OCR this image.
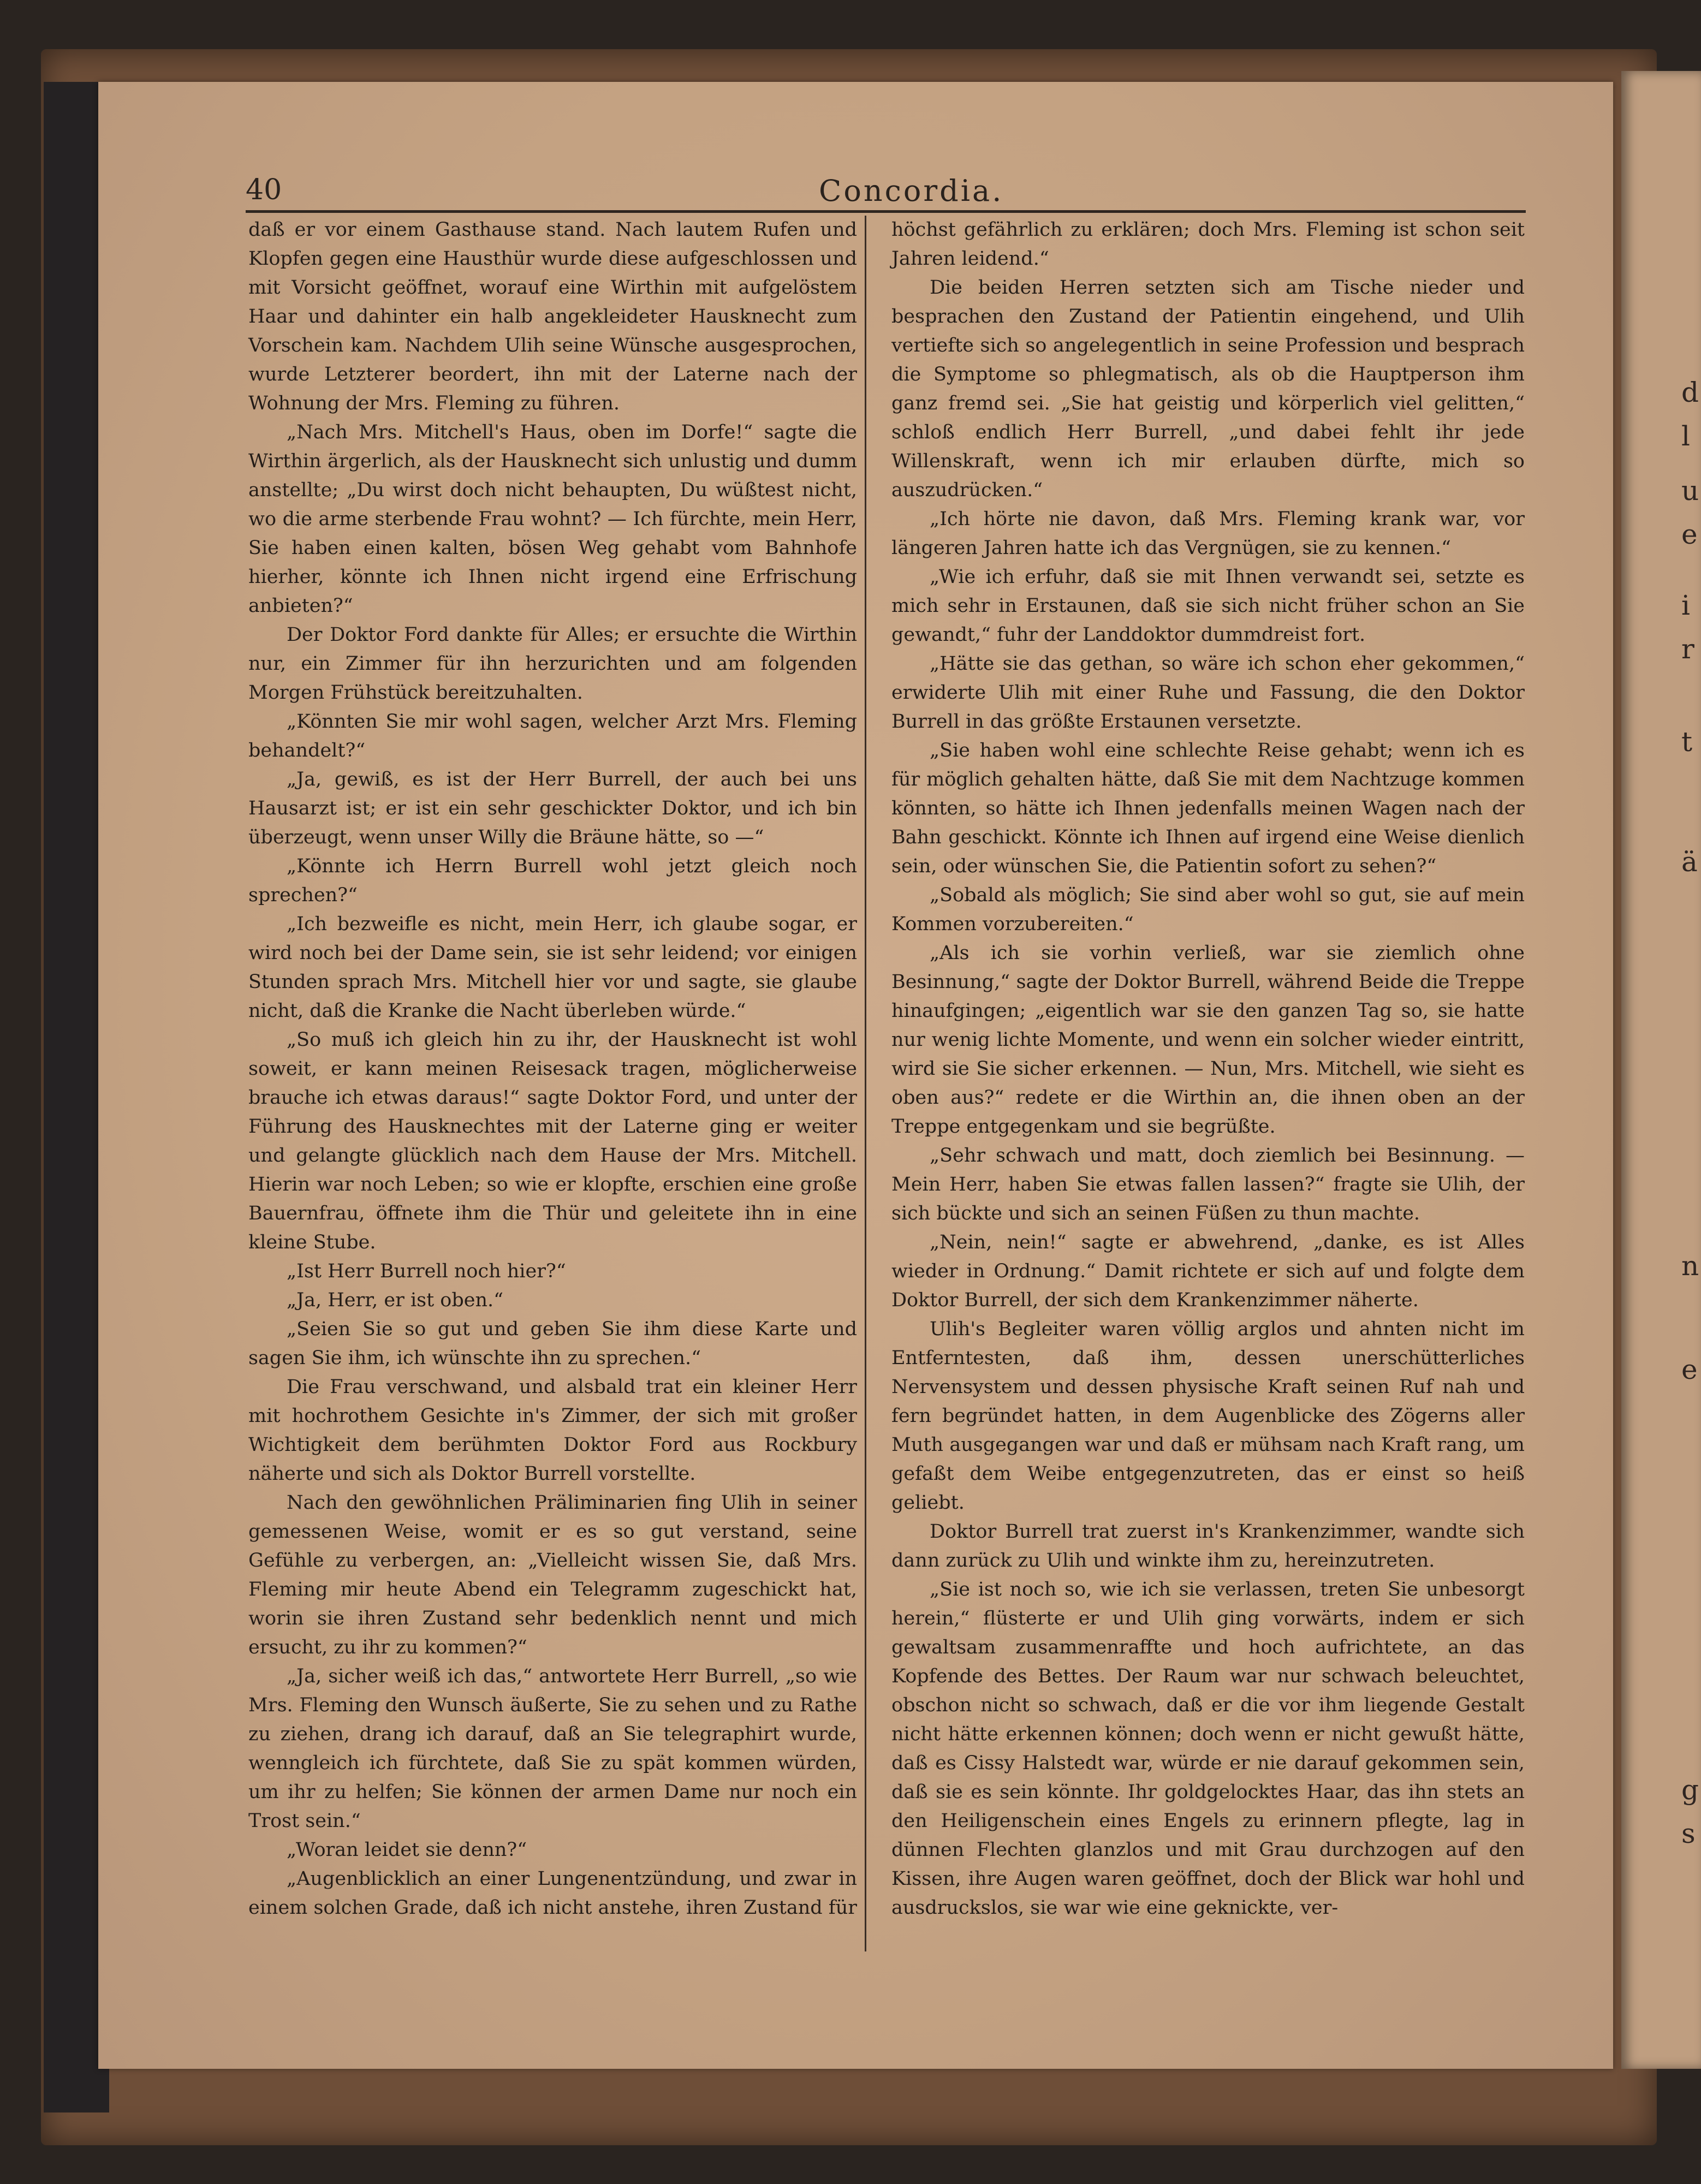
d
l
u
e
i
r
t
ä
n
e
g
s
40	Concordia.

daß er vor einem Gasthause stand. Nach lautem Rufen und Klopfen gegen eine Hausthür wurde diese aufgeschlossen und mit Vorsicht geöffnet, worauf eine Wirthin mit aufgelöstem Haar und dahinter ein halb angekleideter Hausknecht zum Vorschein kam. Nachdem Ulih seine Wünsche ausgesprochen, wurde Letzterer beordert, ihn mit der Laterne nach der Wohnung der Mrs. Fleming zu führen.

„Nach Mrs. Mitchell's Haus, oben im Dorfe!“ sagte die Wirthin ärgerlich, als der Hausknecht sich unlustig und dumm anstellte; „Du wirst doch nicht behaupten, Du wüßtest nicht, wo die arme sterbende Frau wohnt? — Ich fürchte, mein Herr, Sie haben einen kalten, bösen Weg gehabt vom Bahnhofe hierher, könnte ich Ihnen nicht irgend eine Erfrischung anbieten?“

Der Doktor Ford dankte für Alles; er ersuchte die Wirthin nur, ein Zimmer für ihn herzurichten und am folgenden Morgen Frühstück bereitzuhalten.

„Könnten Sie mir wohl sagen, welcher Arzt Mrs. Fleming behandelt?“

„Ja, gewiß, es ist der Herr Burrell, der auch bei uns Hausarzt ist; er ist ein sehr geschickter Doktor, und ich bin überzeugt, wenn unser Willy die Bräune hätte, so —“

„Könnte ich Herrn Burrell wohl jetzt gleich noch sprechen?“

„Ich bezweifle es nicht, mein Herr, ich glaube sogar, er wird noch bei der Dame sein, sie ist sehr leidend; vor einigen Stunden sprach Mrs. Mitchell hier vor und sagte, sie glaube nicht, daß die Kranke die Nacht überleben würde.“

„So muß ich gleich hin zu ihr, der Hausknecht ist wohl soweit, er kann meinen Reisesack tragen, möglicherweise brauche ich etwas daraus!“ sagte Doktor Ford, und unter der Führung des Hausknechtes mit der Laterne ging er weiter und gelangte glücklich nach dem Hause der Mrs. Mitchell. Hierin war noch Leben; so wie er klopfte, erschien eine große Bauernfrau, öffnete ihm die Thür und geleitete ihn in eine kleine Stube.

„Ist Herr Burrell noch hier?“

„Ja, Herr, er ist oben.“

„Seien Sie so gut und geben Sie ihm diese Karte und sagen Sie ihm, ich wünschte ihn zu sprechen.“

Die Frau verschwand, und alsbald trat ein kleiner Herr mit hochrothem Gesichte in's Zimmer, der sich mit großer Wichtigkeit dem berühmten Doktor Ford aus Rockbury näherte und sich als Doktor Burrell vorstellte.

Nach den gewöhnlichen Präliminarien fing Ulih in seiner gemessenen Weise, womit er es so gut verstand, seine Gefühle zu verbergen, an: „Vielleicht wissen Sie, daß Mrs. Fleming mir heute Abend ein Telegramm zugeschickt hat, worin sie ihren Zustand sehr bedenklich nennt und mich ersucht, zu ihr zu kommen?“

„Ja, sicher weiß ich das,“ antwortete Herr Burrell, „so wie Mrs. Fleming den Wunsch äußerte, Sie zu sehen und zu Rathe zu ziehen, drang ich darauf, daß an Sie telegraphirt wurde, wenngleich ich fürchtete, daß Sie zu spät kommen würden, um ihr zu helfen; Sie können der armen Dame nur noch ein Trost sein.“

„Woran leidet sie denn?“

„Augenblicklich an einer Lungenentzündung, und zwar in einem solchen Grade, daß ich nicht anstehe, ihren Zustand für

höchst gefährlich zu erklären; doch Mrs. Fleming ist schon seit Jahren leidend.“

Die beiden Herren setzten sich am Tische nieder und besprachen den Zustand der Patientin eingehend, und Ulih vertiefte sich so angelegentlich in seine Profession und besprach die Symptome so phlegmatisch, als ob die Hauptperson ihm ganz fremd sei. „Sie hat geistig und körperlich viel gelitten,“ schloß endlich Herr Burrell, „und dabei fehlt ihr jede Willenskraft, wenn ich mir erlauben dürfte, mich so auszudrücken.“

„Ich hörte nie davon, daß Mrs. Fleming krank war, vor längeren Jahren hatte ich das Vergnügen, sie zu kennen.“

„Wie ich erfuhr, daß sie mit Ihnen verwandt sei, setzte es mich sehr in Erstaunen, daß sie sich nicht früher schon an Sie gewandt,“ fuhr der Landdoktor dummdreist fort.

„Hätte sie das gethan, so wäre ich schon eher gekommen,“ erwiderte Ulih mit einer Ruhe und Fassung, die den Doktor Burrell in das größte Erstaunen versetzte.

„Sie haben wohl eine schlechte Reise gehabt; wenn ich es für möglich gehalten hätte, daß Sie mit dem Nachtzuge kommen könnten, so hätte ich Ihnen jedenfalls meinen Wagen nach der Bahn geschickt. Könnte ich Ihnen auf irgend eine Weise dienlich sein, oder wünschen Sie, die Patientin sofort zu sehen?“

„Sobald als möglich; Sie sind aber wohl so gut, sie auf mein Kommen vorzubereiten.“

„Als ich sie vorhin verließ, war sie ziemlich ohne Besinnung,“ sagte der Doktor Burrell, während Beide die Treppe hinaufgingen; „eigentlich war sie den ganzen Tag so, sie hatte nur wenig lichte Momente, und wenn ein solcher wieder eintritt, wird sie Sie sicher erkennen. — Nun, Mrs. Mitchell, wie sieht es oben aus?“ redete er die Wirthin an, die ihnen oben an der Treppe entgegenkam und sie begrüßte.

„Sehr schwach und matt, doch ziemlich bei Besinnung. — Mein Herr, haben Sie etwas fallen lassen?“ fragte sie Ulih, der sich bückte und sich an seinen Füßen zu thun machte.

„Nein, nein!“ sagte er abwehrend, „danke, es ist Alles wieder in Ordnung.“ Damit richtete er sich auf und folgte dem Doktor Burrell, der sich dem Krankenzimmer näherte.

Ulih's Begleiter waren völlig arglos und ahnten nicht im Entferntesten, daß ihm, dessen unerschütterliches Nervensystem und dessen physische Kraft seinen Ruf nah und fern begründet hatten, in dem Augenblicke des Zögerns aller Muth ausgegangen war und daß er mühsam nach Kraft rang, um gefaßt dem Weibe entgegenzutreten, das er einst so heiß geliebt.

Doktor Burrell trat zuerst in's Krankenzimmer, wandte sich dann zurück zu Ulih und winkte ihm zu, hereinzutreten.

„Sie ist noch so, wie ich sie verlassen, treten Sie unbesorgt herein,“ flüsterte er und Ulih ging vorwärts, indem er sich gewaltsam zusammenraffte und hoch aufrichtete, an das Kopfende des Bettes. Der Raum war nur schwach beleuchtet, obschon nicht so schwach, daß er die vor ihm liegende Gestalt nicht hätte erkennen können; doch wenn er nicht gewußt hätte, daß es Cissy Halstedt war, würde er nie darauf gekommen sein, daß sie es sein könnte. Ihr goldgelocktes Haar, das ihn stets an den Heiligenschein eines Engels zu erinnern pflegte, lag in dünnen Flechten glanzlos und mit Grau durchzogen auf den Kissen, ihre Augen waren geöffnet, doch der Blick war hohl und ausdruckslos, sie war wie eine geknickte, ver-
